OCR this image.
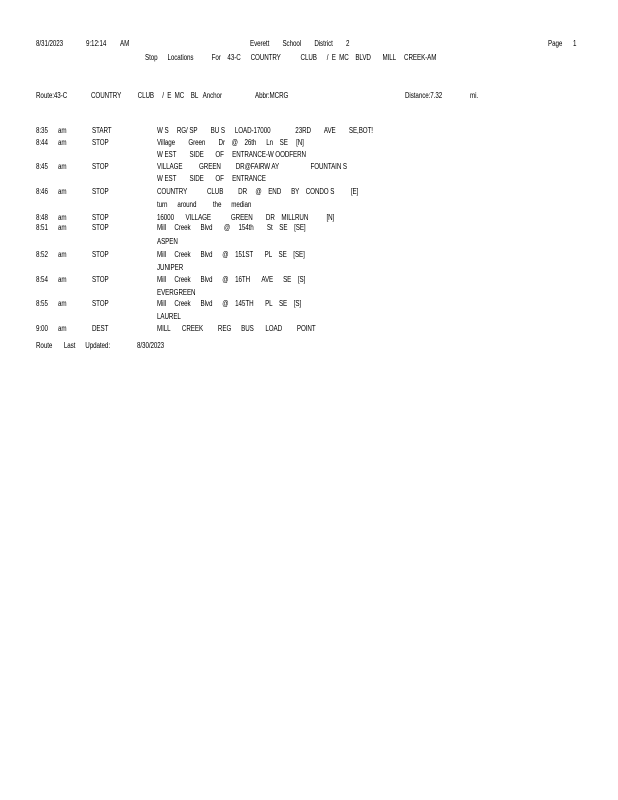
8/31/2023	9:12:14 AM	Everett        School        District        2	Page 1
Stop      Locations           For    43-C      COUNTRY            CLUB      /  E  MC    BLVD       MILL     CREEK-AM
Route:43-C	COUNTRY          CLUB     /  E  MC    BL   Anchor	Abbr:MCRG	Distance:7.32	mi.
8:35 am	START	W S     RG/ SP        BU S      LOAD-17000               23RD        AVE        SE,BOT!
8:44 am	STOP	Village        Green        Dr    @    26th      Ln    SE     [N]
W EST        SIDE       OF     ENTRANCE-W OODFERN
8:45 am	STOP	VILLAGE          GREEN         DR@FAIRW AY                   FOUNTAIN S
W EST        SIDE       OF     ENTRANCE
8:46 am	STOP	COUNTRY            CLUB         DR     @    END      BY    CONDO S          [E]
turn      around          the      median
8:48 am	STOP	16000       VILLAGE            GREEN        DR    MILLRUN           [N]
8:51 am	STOP	Mill     Creek      Blvd       @     154th        St    SE    [SE]
ASPEN
8:52 am	STOP	Mill     Creek      Blvd      @    151ST       PL    SE    [SE]
JUNIPER
8:54 am	STOP	Mill     Creek      Blvd      @    16TH       AVE      SE    [S]
EVERGREEN
8:55 am	STOP	Mill     Creek      Blvd      @    145TH       PL    SE    [S]
LAUREL
9:00 am	DEST	MILL       CREEK         REG      BUS       LOAD         POINT
Route       Last      Updated:	8/30/2023
